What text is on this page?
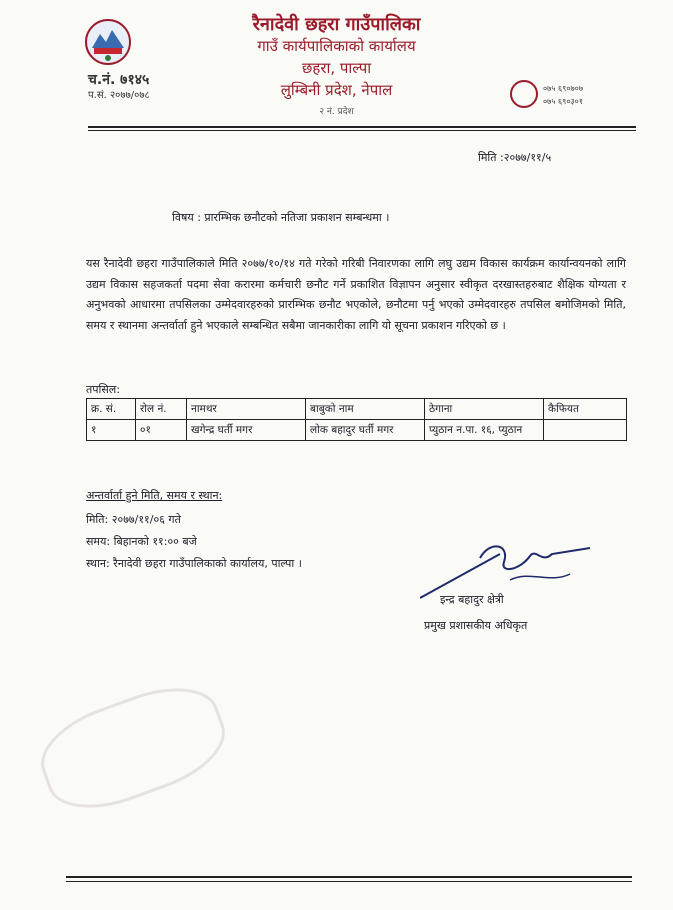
रैनादेवी छहरा गाउँपालिका
गाउँ कार्यपालिकाको कार्यालय
छहरा, पाल्पा
लुम्बिनी प्रदेश, नेपाल
२ नं. प्रदेश
च.नं. ७१४५
प.सं. २०७७/०७८
०७५ ६९०७०७
०७५ ६९०३०१
मिति :२०७७/११/५
विषय : प्रारम्भिक छनौटको नतिजा प्रकाशन सम्बन्धमा ।
यस रैनादेवी छहरा गाउँपालिकाले मिति २०७७/१०/१४ गते गरेको गरिबी निवारणका लागि लघु उद्यम विकास कार्यक्रम कार्यान्वयनको लागि उद्यम विकास सहजकर्ता पदमा सेवा करारमा कर्मचारी छनौट गर्ने प्रकाशित विज्ञापन अनुसार स्वीकृत दरखास्तहरुबाट शैक्षिक योग्यता र अनुभवको आधारमा तपसिलका उम्मेदवारहरुको प्रारम्भिक छनौट भएकोले, छनौटमा पर्नु भएको उम्मेदवारहरु तपसिल बमोजिमको मिति, समय र स्थानमा अन्तर्वार्ता हुने भएकाले सम्बन्धित सबैमा जानकारीका लागि यो सूचना प्रकाशन गरिएको छ ।
तपसिल:
क्र. सं.	रोल नं.	नामथर	बाबुको नाम	ठेगाना	कैफियत
१	०१	खगेन्द्र घर्ती मगर	लोक बहादुर घर्ती मगर	प्युठान न.पा. १६, प्युठान	
अन्तर्वार्ता हुने मिति, समय र स्थान:
मिति: २०७७/११/०६ गते
समय: बिहानको ११:०० बजे
स्थान: रैनादेवी छहरा गाउँपालिकाको कार्यालय, पाल्पा ।
इन्द्र बहादुर क्षेत्री
प्रमुख प्रशासकीय अधिकृत
